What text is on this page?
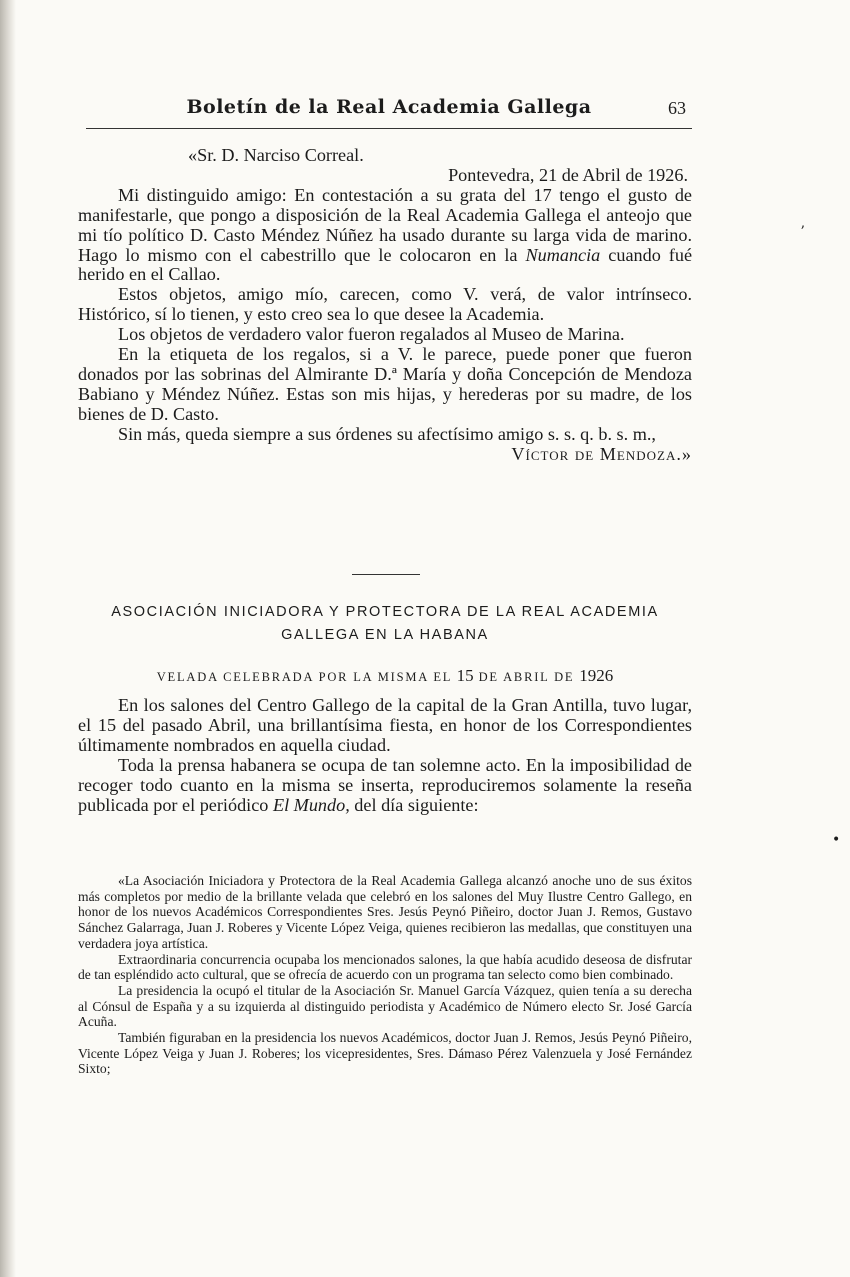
Boletín de la Real Academia Gallega	63

«Sr. D. Narciso Correal.

Pontevedra, 21 de Abril de 1926.

Mi distinguido amigo: En contestación a su grata del 17 tengo el gusto de manifestarle, que pongo a disposición de la Real Academia Gallega el anteojo que mi tío político D. Casto Méndez Núñez ha usado durante su larga vida de marino. Hago lo mismo con el cabestrillo que le colocaron en la Numancia cuando fué herido en el Callao.

Estos objetos, amigo mío, carecen, como V. verá, de valor intrínseco. Histórico, sí lo tienen, y esto creo sea lo que desee la Academia.

Los objetos de verdadero valor fueron regalados al Museo de Marina.

En la etiqueta de los regalos, si a V. le parece, puede poner que fueron donados por las sobrinas del Almirante D.ª María y doña Concepción de Mendoza Babiano y Méndez Núñez. Estas son mis hijas, y herederas por su madre, de los bienes de D. Casto.

Sin más, queda siempre a sus órdenes su afectísimo amigo s. s. q. b. s. m.,

Víctor de Mendoza.»

ASOCIACIÓN INICIADORA Y PROTECTORA DE LA REAL ACADEMIA
GALLEGA EN LA HABANA
VELADA CELEBRADA POR LA MISMA EL 15 DE ABRIL DE 1926

En los salones del Centro Gallego de la capital de la Gran Antilla, tuvo lugar, el 15 del pasado Abril, una brillantísima fiesta, en honor de los Correspondientes últimamente nombrados en aquella ciudad.

Toda la prensa habanera se ocupa de tan solemne acto. En la imposibilidad de recoger todo cuanto en la misma se inserta, reproduciremos solamente la reseña publicada por el periódico El Mundo, del día siguiente:

«La Asociación Iniciadora y Protectora de la Real Academia Gallega alcanzó anoche uno de sus éxitos más completos por medio de la brillante velada que celebró en los salones del Muy Ilustre Centro Gallego, en honor de los nuevos Académicos Correspondientes Sres. Jesús Peynó Piñeiro, doctor Juan J. Remos, Gustavo Sánchez Galarraga, Juan J. Roberes y Vicente López Veiga, quienes recibieron las medallas, que constituyen una verdadera joya artística.

Extraordinaria concurrencia ocupaba los mencionados salones, la que había acudido deseosa de disfrutar de tan espléndido acto cultural, que se ofrecía de acuerdo con un programa tan selecto como bien combinado.

La presidencia la ocupó el titular de la Asociación Sr. Manuel García Vázquez, quien tenía a su derecha al Cónsul de España y a su izquierda al distinguido periodista y Académico de Número electo Sr. José García Acuña.

También figuraban en la presidencia los nuevos Académicos, doctor Juan J. Remos, Jesús Peynó Piñeiro, Vicente López Veiga y Juan J. Roberes; los vicepresidentes, Sres. Dámaso Pérez Valenzuela y José Fernández Sixto;

ʼ
•
